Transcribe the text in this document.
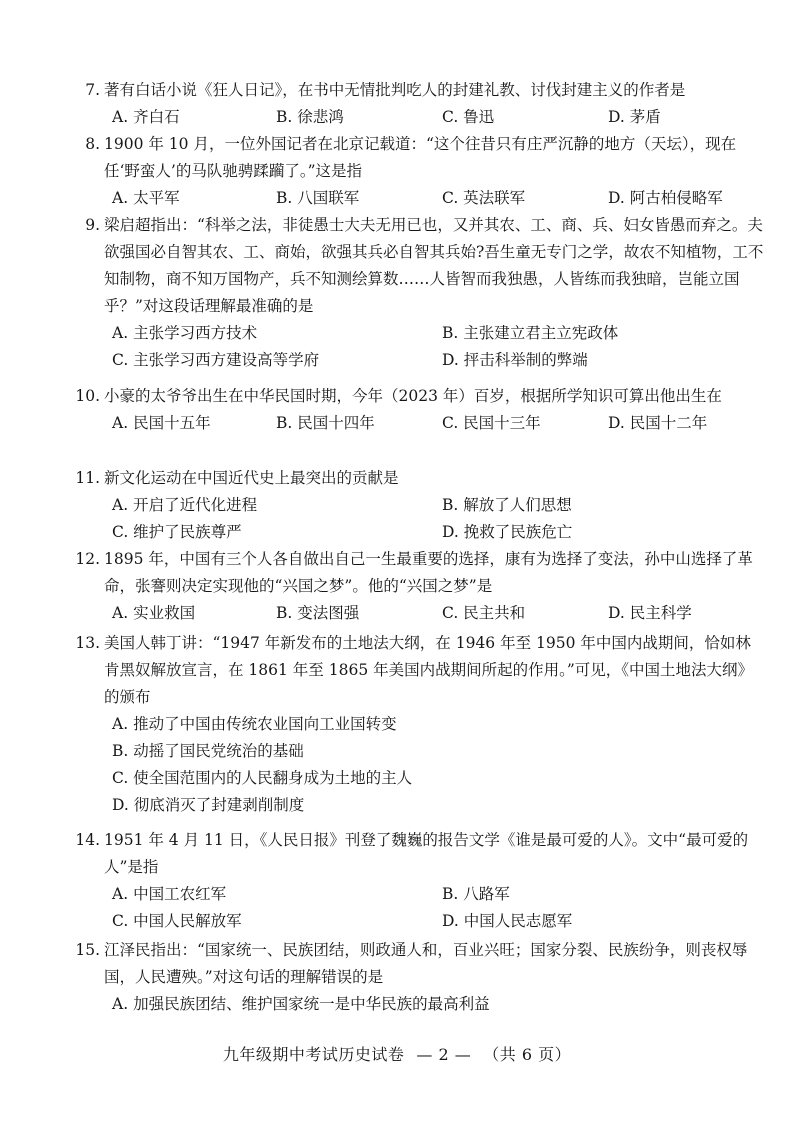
7 . 著有白话小说《狂人日记》，在书中无情批判吃人的封建礼教、讨伐封建主义的作者是
A . 齐白石	B . 徐悲鸿	C . 鲁迅	D . 茅盾
8 . 1900 年 10 月，一位外国记者在北京记载道：“这个往昔只有庄严沉静的地方（天坛），现在任‘野蛮人’的马队驰骋蹂躏了。”这是指
A . 太平军	B . 八国联军	C . 英法联军	D . 阿古柏侵略军
9 . 梁启超指出：“科举之法，非徒愚士大夫无用已也，又并其农、工、商、兵、妇女皆愚而弃之。夫欲强国必自智其农、工、商始，欲强其兵必自智其兵始?吾生童无专门之学，故农不知植物，工不知制物，商不知万国物产，兵不知测绘算数……人皆智而我独愚，人皆练而我独暗，岂能立国乎？”对这段话理解最准确的是
A . 主张学习西方技术	B . 主张建立君主立宪政体
C . 主张学习西方建设高等学府	D . 抨击科举制的弊端
10 . 小豪的太爷爷出生在中华民国时期，今年（2023 年）百岁，根据所学知识可算出他出生在
A . 民国十五年	B . 民国十四年	C . 民国十三年	D . 民国十二年
11 . 新文化运动在中国近代史上最突出的贡献是
A . 开启了近代化进程	B . 解放了人们思想
C . 维护了民族尊严	D . 挽救了民族危亡
12 . 1895 年，中国有三个人各自做出自己一生最重要的选择，康有为选择了变法，孙中山选择了革命，张謇则决定实现他的“兴国之梦”。他的“兴国之梦”是
A . 实业救国	B . 变法图强	C . 民主共和	D . 民主科学
13 . 美国人韩丁讲：“1947 年新发布的土地法大纲，在 1946 年至 1950 年中国内战期间，恰如林肯黑奴解放宣言，在 1861 年至 1865 年美国内战期间所起的作用。”可见，《中国土地法大纲》的颁布
A . 推动了中国由传统农业国向工业国转变
B . 动摇了国民党统治的基础
C . 使全国范围内的人民翻身成为土地的主人
D . 彻底消灭了封建剥削制度
14 . 1951 年 4 月 11 日，《人民日报》刊登了魏巍的报告文学《谁是最可爱的人》。文中“最可爱的人”是指
A . 中国工农红军	B . 八路军
C . 中国人民解放军	D . 中国人民志愿军
15 . 江泽民指出：“国家统一、民族团结，则政通人和，百业兴旺；国家分裂、民族纷争，则丧权辱国，人民遭殃。”对这句话的理解错误的是
A . 加强民族团结、维护国家统一是中华民族的最高利益
九年级期中考试历史试卷 — 2 — （共 6 页）
